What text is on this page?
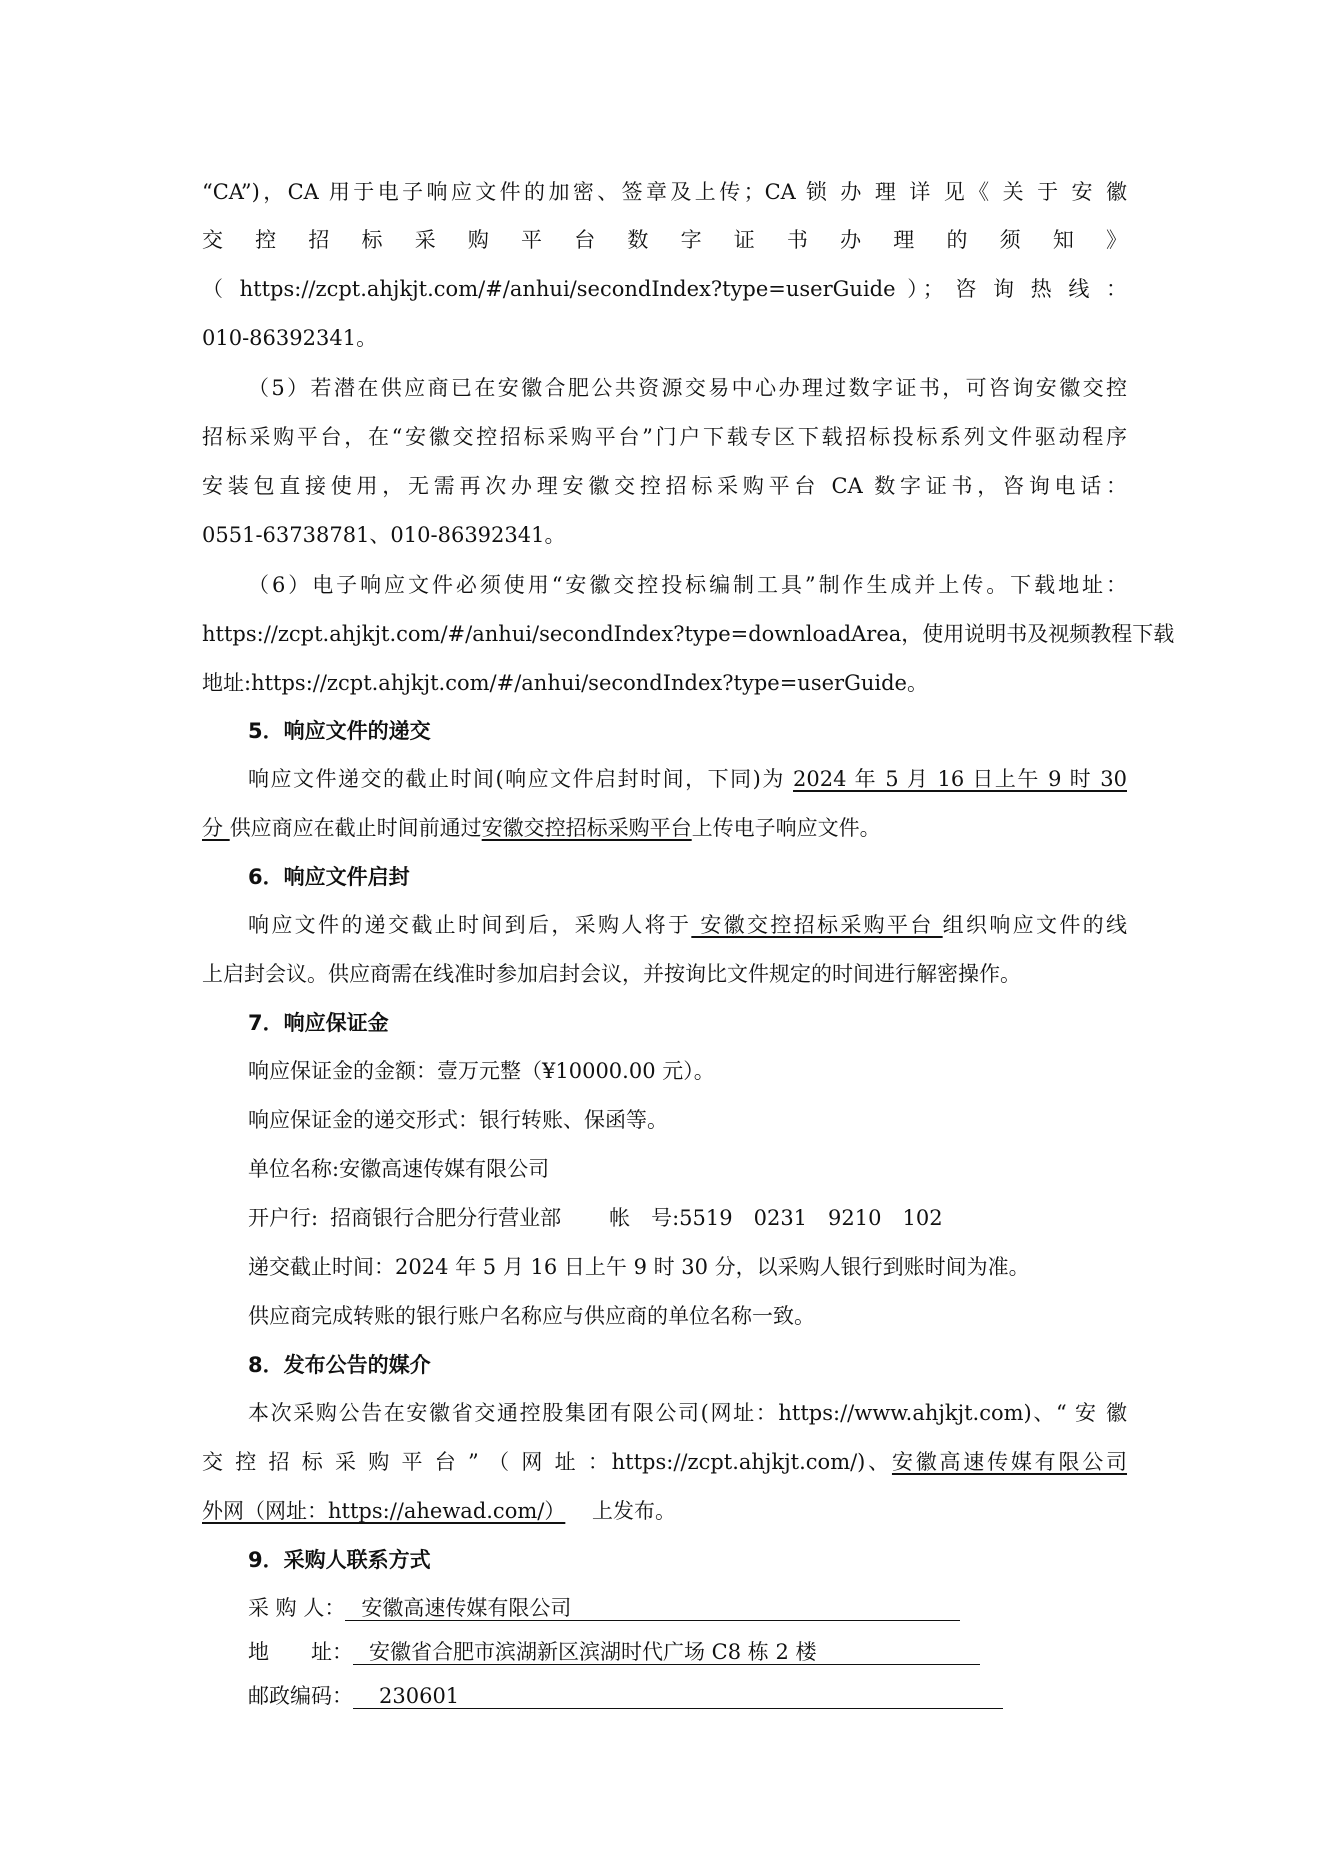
“CA”)，CA 用于电子响应文件的加密、签章及上传；CA 锁 办 理 详 见《 关 于 安 徽
交 控 招 标 采 购 平 台 数 字 证 书 办 理 的 须 知 》
（ https://zcpt.ahjkjt.com/#/anhui/secondIndex?type=userGuide ）； 咨 询 热 线 ：
010-86392341。
（5）若潜在供应商已在安徽合肥公共资源交易中心办理过数字证书，可咨询安徽交控
招标采购平台，在“安徽交控招标采购平台”门户下载专区下载招标投标系列文件驱动程序
安装包直接使用，无需再次办理安徽交控招标采购平台 CA 数字证书，咨询电话：
0551-63738781、010-86392341。
（6）电子响应文件必须使用“安徽交控投标编制工具”制作生成并上传。下载地址：
https://zcpt.ahjkjt.com/#/anhui/secondIndex?type=downloadArea，使用说明书及视频教程下载
地址:https://zcpt.ahjkjt.com/#/anhui/secondIndex?type=userGuide。
5．响应文件的递交
响应文件递交的截止时间(响应文件启封时间，下同)为 2024 年 5 月 16 日上午 9 时 30
分 供应商应在截止时间前通过安徽交控招标采购平台上传电子响应文件。
6．响应文件启封
响应文件的递交截止时间到后，采购人将于 安徽交控招标采购平台 组织响应文件的线
上启封会议。供应商需在线准时参加启封会议，并按询比文件规定的时间进行解密操作。
7．响应保证金
响应保证金的金额：壹万元整（¥10000.00 元）。
响应保证金的递交形式：银行转账、保函等。
单位名称:安徽高速传媒有限公司
开户行: 招商银行合肥分行营业部 帐　号:5519　0231　9210　102
递交截止时间：2024 年 5 月 16 日上午 9 时 30 分，以采购人银行到账时间为准。
供应商完成转账的银行账户名称应与供应商的单位名称一致。
8．发布公告的媒介
本次采购公告在安徽省交通控股集团有限公司(网址：https://www.ahjkjt.com)、“ 安 徽
交 控 招 标 采 购 平 台 ” （ 网 址 ：https://zcpt.ahjkjt.com/)、安徽高速传媒有限公司
外网（网址：https://ahewad.com/） 上发布。
9．采购人联系方式
采 购 人： 安徽高速传媒有限公司
地　　址： 安徽省合肥市滨湖新区滨湖时代广场 C8 栋 2 楼
邮政编码： 230601
